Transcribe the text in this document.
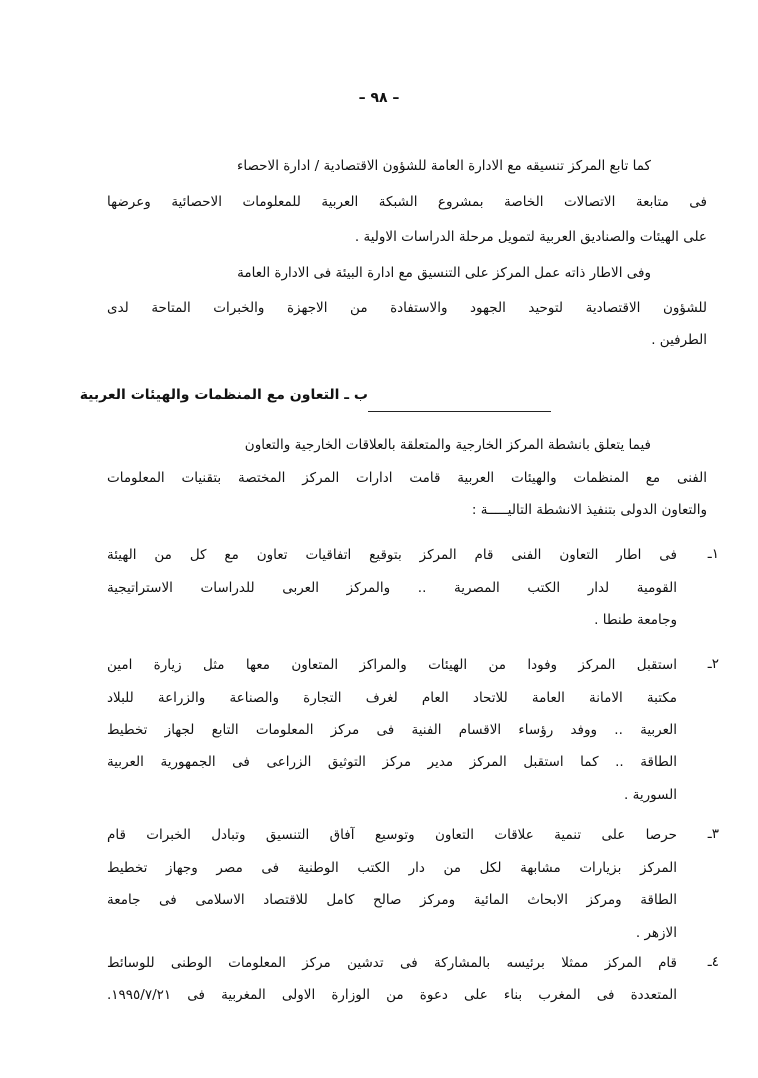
– ٩٨ –
كما تابع المركز تنسيقه مع الادارة العامة للشؤون الاقتصادية / ادارة الاحصاء
فى متابعة الاتصالات الخاصة بمشروع الشبكة العربية للمعلومات الاحصائية وعرضها
على الهيئات والصناديق العربية لتمويل مرحلة الدراسات الاولية .
وفى الاطار ذاته عمل المركز على التنسيق مع ادارة البيئة فى الادارة العامة
للشؤون الاقتصادية لتوحيد الجهود والاستفادة من الاجهزة والخبرات المتاحة لدى
الطرفين .
ب ـ التعاون مع المنظمات والهيئات العربية
فيما يتعلق بانشطة المركز الخارجية والمتعلقة بالعلاقات الخارجية والتعاون
الفنى مع المنظمات والهيئات العربية قامت ادارات المركز المختصة بتقنيات المعلومات
والتعاون الدولى بتنفيذ الانشطة التاليـــــة :
١ـ
فى اطار التعاون الفنى قام المركز بتوقيع اتفاقيات تعاون مع كل من الهيئة
القومية لدار الكتب المصرية .. والمركز العربى للدراسات الاستراتيجية
وجامعة طنطا .
٢ـ
استقبل المركز وفودا من الهيئات والمراكز المتعاون معها مثل زيارة امين
مكتبة الامانة العامة للاتحاد العام لغرف التجارة والصناعة والزراعة للبلاد
العربية .. ووفد رؤساء الاقسام الفنية فى مركز المعلومات التابع لجهاز تخطيط
الطاقة .. كما استقبل المركز مدير مركز التوثيق الزراعى فى الجمهورية العربية
السورية .
٣ـ
حرصا على تنمية علاقات التعاون وتوسيع آفاق التنسيق وتبادل الخبرات قام
المركز بزيارات مشابهة لكل من دار الكتب الوطنية فى مصر وجهاز تخطيط
الطاقة ومركز الابحاث المائية ومركز صالح كامل للاقتصاد الاسلامى فى جامعة
الازهر .
٤ـ
قام المركز ممثلا برئيسه بالمشاركة فى تدشين مركز المعلومات الوطنى للوسائط
المتعددة فى المغرب بناء على دعوة من الوزارة الاولى المغربية فى ١٩٩٥/٧/٢١.
